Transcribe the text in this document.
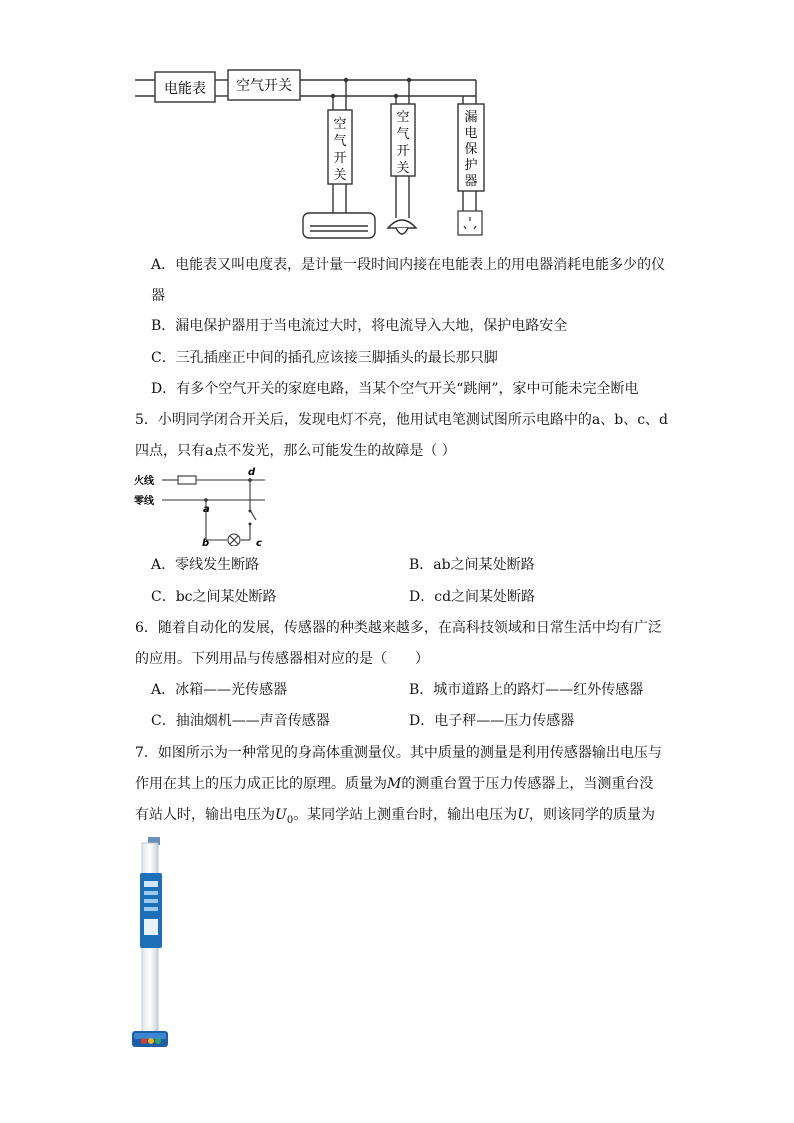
电能表 空气开关
空
气
开
关
空
气
开
关
漏
电
保
护
器
A．电能表又叫电度表，是计量一段时间内接在电能表上的用电器消耗电能多少的仪
器
B．漏电保护器用于当电流过大时，将电流导入大地，保护电路安全
C．三孔插座正中间的插孔应该接三脚插头的最长那只脚
D．有多个空气开关的家庭电路，当某个空气开关“跳闸”，家中可能未完全断电
5．小明同学闭合开关后，发现电灯不亮，他用试电笔测试图所示电路中的a、b、c、d
四点，只有a点不发光，那么可能发生的故障是（ ）
火线
零线
d
a
b	c
A．零线发生断路	B．ab之间某处断路
C．bc之间某处断路	D．cd之间某处断路
6．随着自动化的发展，传感器的种类越来越多，在高科技领域和日常生活中均有广泛
的应用。下列用品与传感器相对应的是（　　）
A．冰箱——光传感器	B．城市道路上的路灯——红外传感器
C．抽油烟机——声音传感器	D．电子秤——压力传感器
7．如图所示为一种常见的身高体重测量仪。其中质量的测量是利用传感器输出电压与
作用在其上的压力成正比的原理。质量为M的测重台置于压力传感器上，当测重台没
有站人时，输出电压为$U_0$。某同学站上测重台时，输出电压为U，则该同学的质量为
